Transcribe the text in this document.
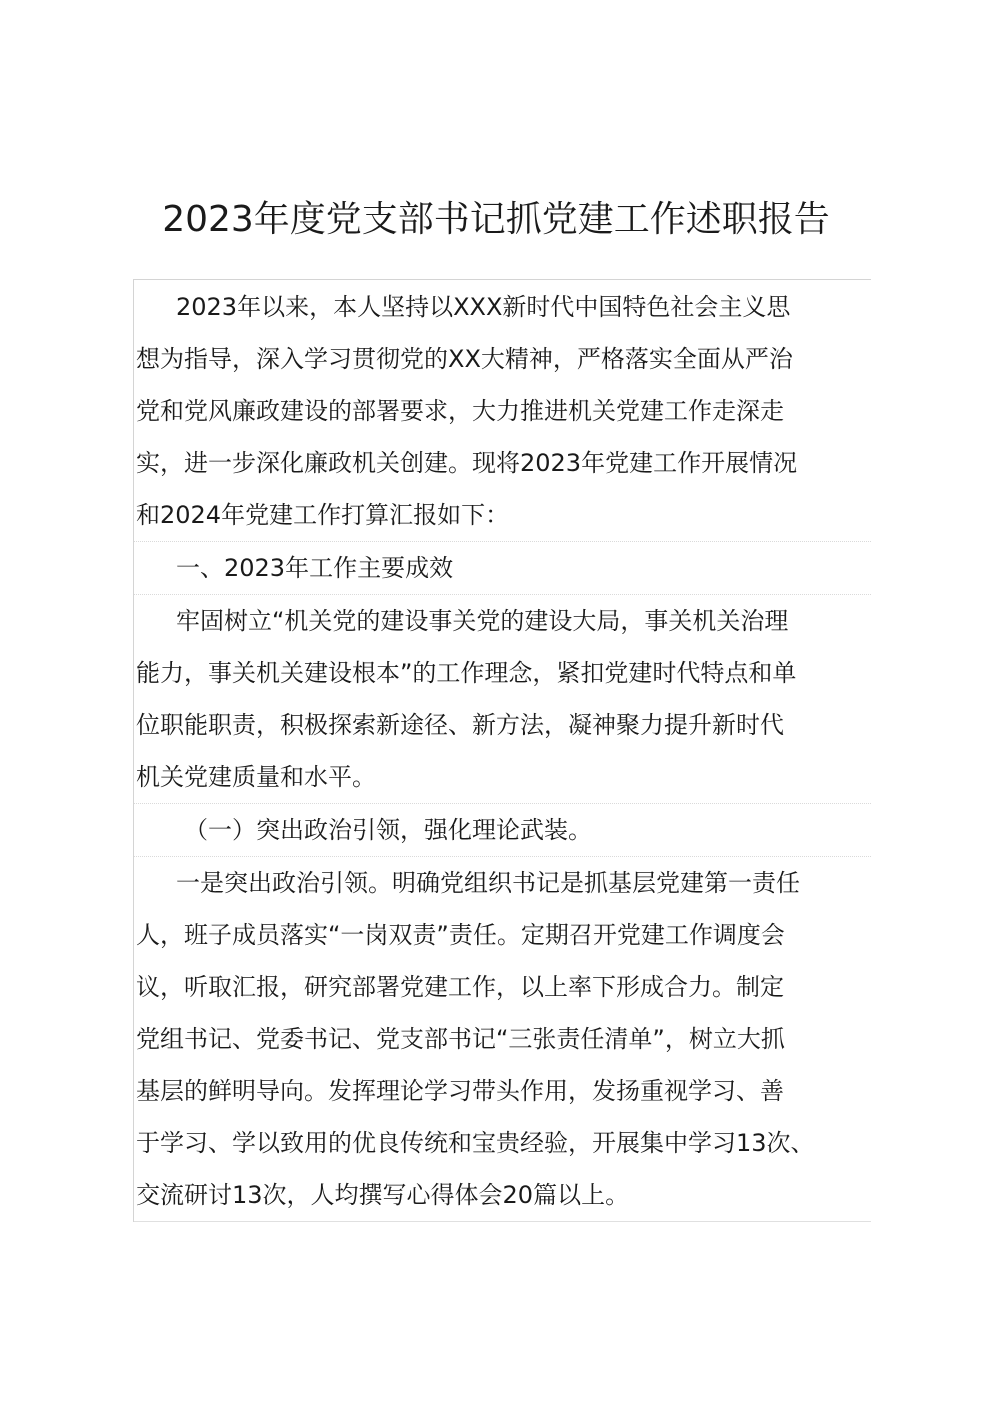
2023年度党支部书记抓党建工作述职报告
2023年以来，本人坚持以XXX新时代中国特色社会主义思
想为指导，深入学习贯彻党的XX大精神，严格落实全面从严治
党和党风廉政建设的部署要求，大力推进机关党建工作走深走
实，进一步深化廉政机关创建。现将2023年党建工作开展情况
和2024年党建工作打算汇报如下：
一、2023年工作主要成效
牢固树立“机关党的建设事关党的建设大局，事关机关治理
能力，事关机关建设根本”的工作理念，紧扣党建时代特点和单
位职能职责，积极探索新途径、新方法，凝神聚力提升新时代
机关党建质量和水平。
（一）突出政治引领，强化理论武装。
一是突出政治引领。明确党组织书记是抓基层党建第一责任
人，班子成员落实“一岗双责”责任。定期召开党建工作调度会
议，听取汇报，研究部署党建工作，以上率下形成合力。制定
党组书记、党委书记、党支部书记“三张责任清单”，树立大抓
基层的鲜明导向。发挥理论学习带头作用，发扬重视学习、善
于学习、学以致用的优良传统和宝贵经验，开展集中学习13次、
交流研讨13次，人均撰写心得体会20篇以上。
